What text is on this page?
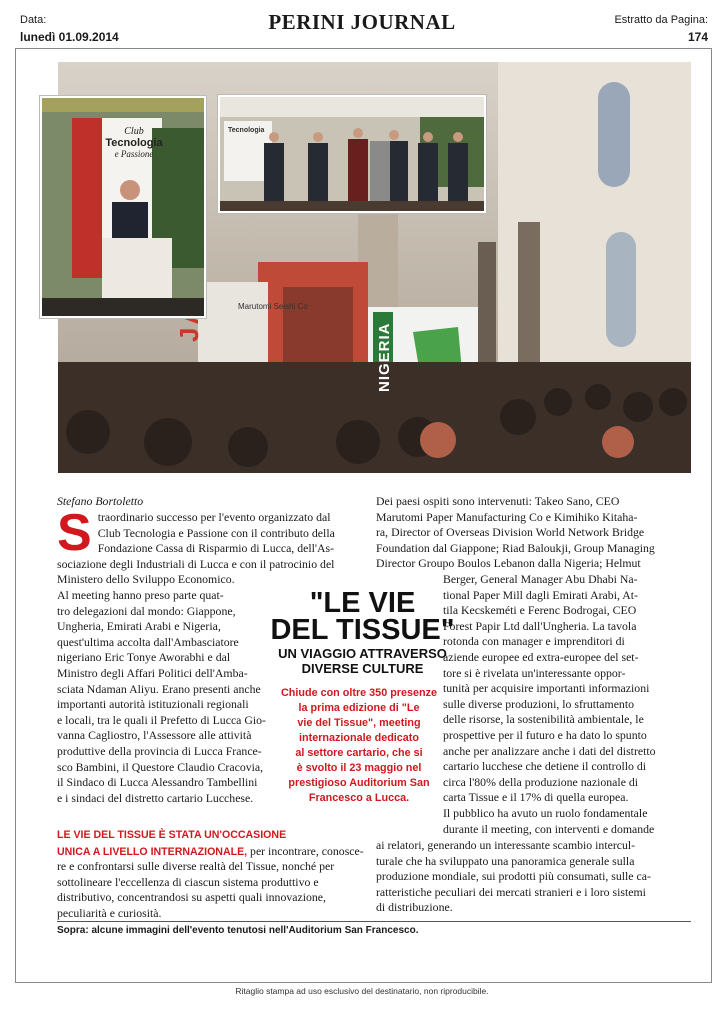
Data:
lunedì 01.09.2014
PERINI JOURNAL	Estratto da Pagina:
174
NIGERIA
Marutomi Seishi Co
Club
Tecnologia
e Passione
Tecnologia
Stefano Bortoletto
S traordinario successo per l'evento organizzato dal
Club Tecnologia e Passione con il contributo della
Fondazione Cassa di Risparmio di Lucca, dell'As-
sociazione degli Industriali di Lucca e con il patrocinio del
Ministero dello Sviluppo Economico.
Al meeting hanno preso parte quat-
tro delegazioni dal mondo: Giappone,
Ungheria, Emirati Arabi e Nigeria,
quest'ultima accolta dall'Ambasciatore
nigeriano Eric Tonye Aworabhi e dal
Ministro degli Affari Politici dell'Amba-
sciata Ndaman Aliyu. Erano presenti anche
importanti autorità istituzionali regionali
e locali, tra le quali il Prefetto di Lucca Gio-
vanna Cagliostro, l'Assessore alle attività
produttive della provincia di Lucca France-
sco Bambini, il Questore Claudio Cracovia,
il Sindaco di Lucca Alessandro Tambellini
e i sindaci del distretto cartario Lucchese.
"LE VIE
DEL TISSUE"
UN VIAGGIO ATTRAVERSO
DIVERSE CULTURE
Chiude con oltre 350 presenze
la prima edizione di "Le
vie del Tissue", meeting
internazionale dedicato
al settore cartario, che si
è svolto il 23 maggio nel
prestigioso Auditorium San
Francesco a Lucca.
LE VIE DEL TISSUE È STATA UN'OCCASIONE
UNICA A LIVELLO INTERNAZIONALE, per incontrare, conosce-
re e confrontarsi sulle diverse realtà del Tissue, nonché per
sottolineare l'eccellenza di ciascun sistema produttivo e
distributivo, concentrandosi su aspetti quali innovazione,
peculiarità e curiosità.
Dei paesi ospiti sono intervenuti: Takeo Sano, CEO
Marutomi Paper Manufacturing Co e Kimihiko Kitaha-
ra, Director of Overseas Division World Network Bridge
Foundation dal Giappone; Riad Baloukji, Group Managing
Director Groupo Boulos Lebanon dalla Nigeria; Helmut
Berger, General Manager Abu Dhabi Na-
tional Paper Mill dagli Emirati Arabi, At-
tila Kecskeméti e Ferenc Bodrogai, CEO
Forest Papir Ltd dall'Ungheria. La tavola
rotonda con manager e imprenditori di
aziende europee ed extra-europee del set-
tore si è rivelata un'interessante oppor-
tunità per acquisire importanti informazioni
sulle diverse produzioni, lo sfruttamento
delle risorse, la sostenibilità ambientale, le
prospettive per il futuro e ha dato lo spunto
anche per analizzare anche i dati del distretto
cartario lucchese che detiene il controllo di
circa l'80% della produzione nazionale di
carta Tissue e il 17% di quella europea.
Il pubblico ha avuto un ruolo fondamentale
durante il meeting, con interventi e domande
ai relatori, generando un interessante scambio intercul-
turale che ha sviluppato una panoramica generale sulla
produzione mondiale, sui prodotti più consumati, sulle ca-
ratteristiche peculiari dei mercati stranieri e i loro sistemi
di distribuzione.
Sopra: alcune immagini dell'evento tenutosi nell'Auditorium San Francesco.
Ritaglio stampa ad uso esclusivo del destinatario, non riproducibile.
